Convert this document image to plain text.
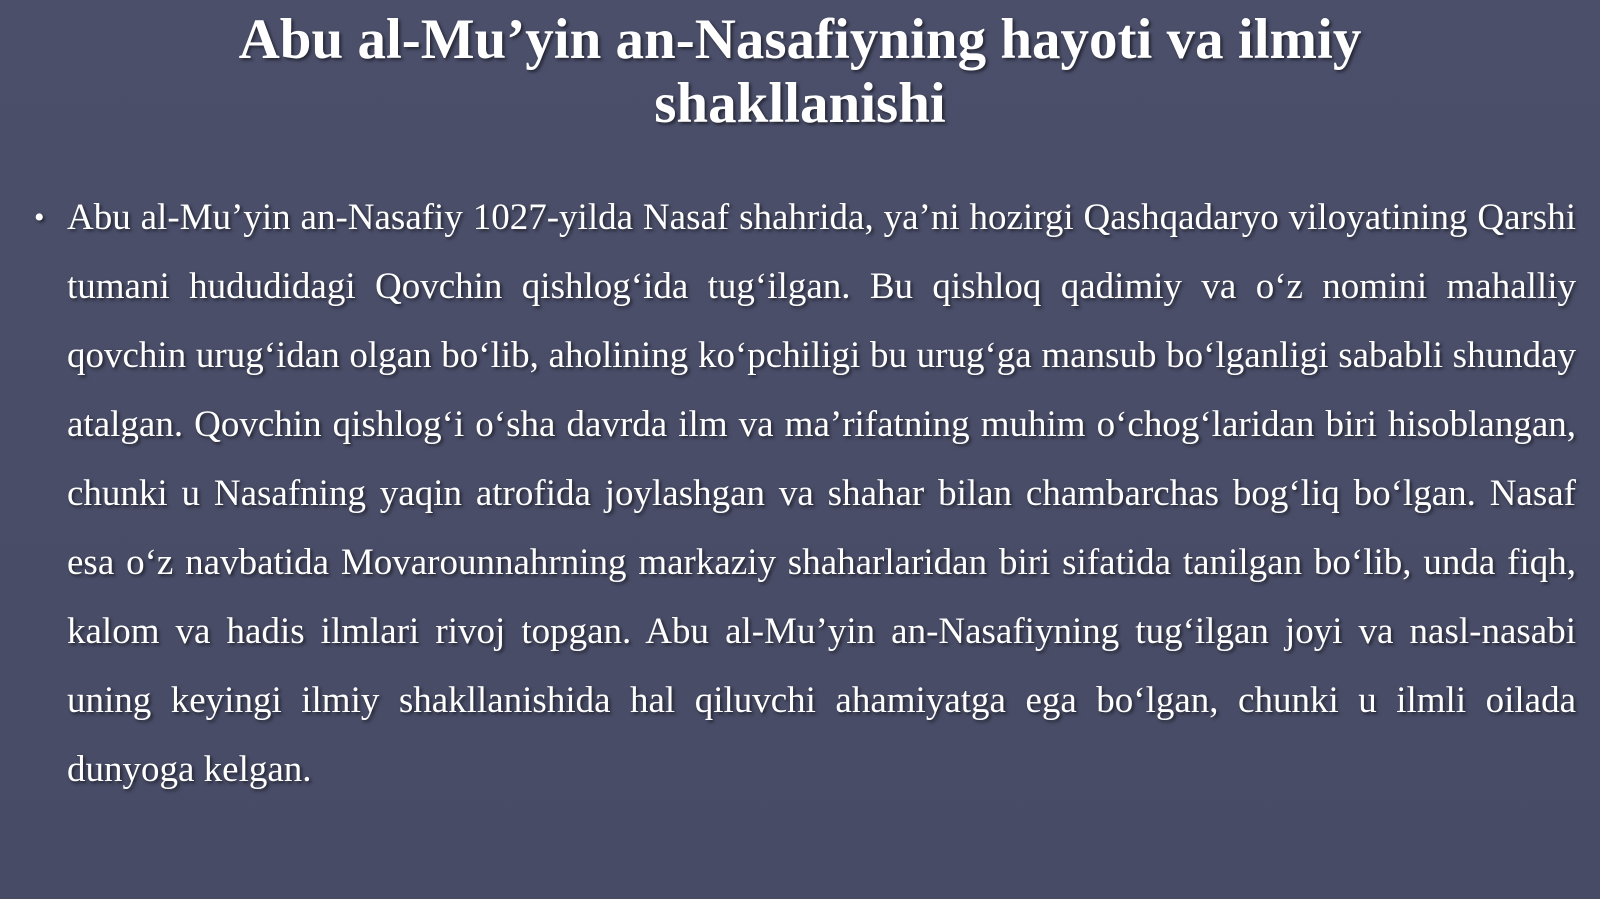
Abu al-Mu’yin an-Nasafiyning hayoti va ilmiy shakllanishi
• Abu al-Mu’yin an-Nasafiy 1027-yilda Nasaf shahrida, ya’ni hozirgi Qashqadaryo viloyatining Qarshi tumani hududidagi Qovchin qishlog‘ida tug‘ilgan. Bu qishloq qadimiy va o‘z nomini mahalliy qovchin urug‘idan olgan bo‘lib, aholining ko‘pchiligi bu urug‘ga mansub bo‘lganligi sababli shunday atalgan. Qovchin qishlog‘i o‘sha davrda ilm va ma’rifatning muhim o‘chog‘laridan biri hisoblangan, chunki u Nasafning yaqin atrofida joylashgan va shahar bilan chambarchas bog‘liq bo‘lgan. Nasaf esa o‘z navbatida Movarounnahrning markaziy shaharlaridan biri sifatida tanilgan bo‘lib, unda fiqh, kalom va hadis ilmlari rivoj topgan. Abu al-Mu’yin an-Nasafiyning tug‘ilgan joyi va nasl-nasabi uning keyingi ilmiy shakllanishida hal qiluvchi ahamiyatga ega bo‘lgan, chunki u ilmli oilada dunyoga kelgan.
